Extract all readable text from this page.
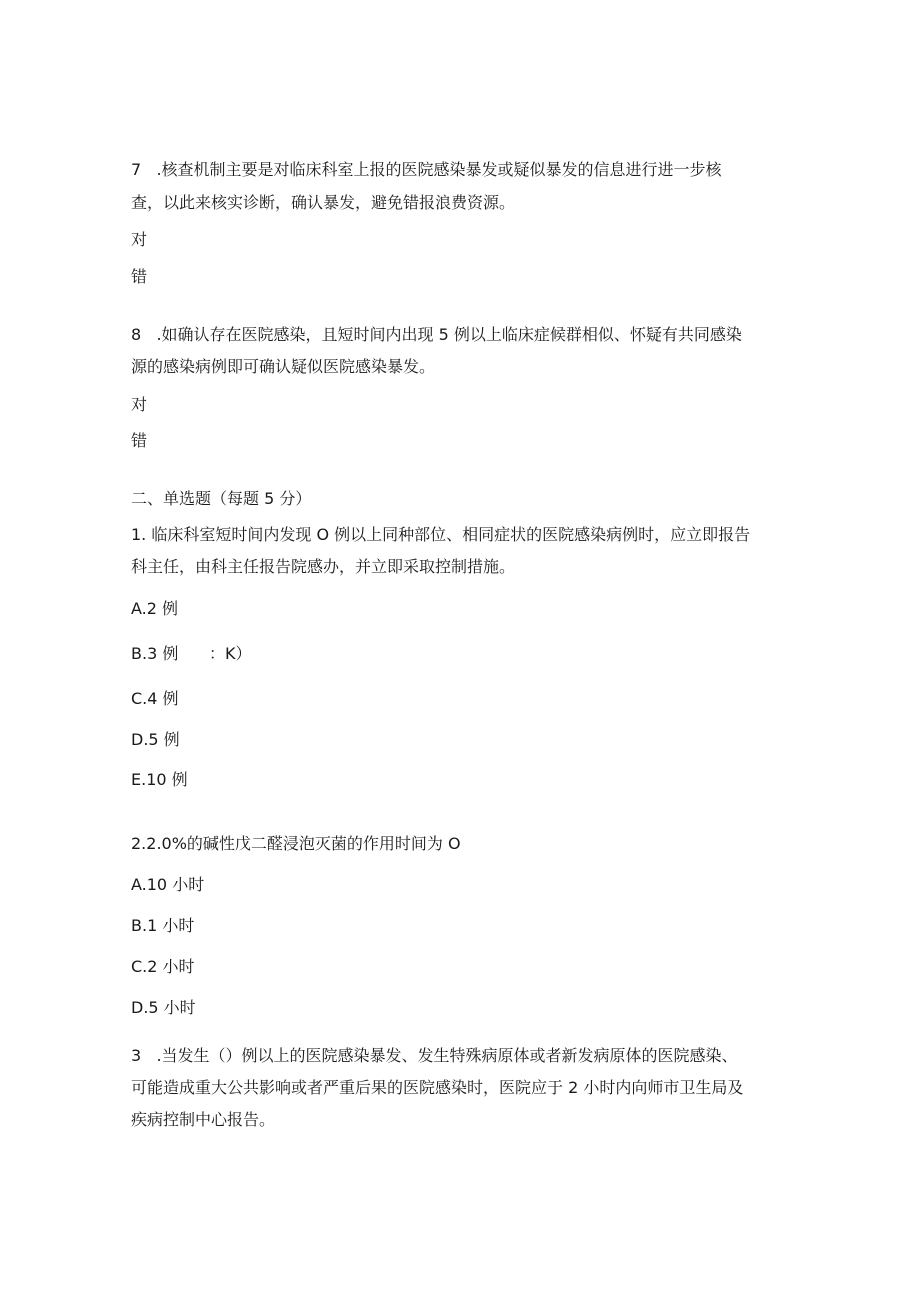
7 .核查机制主要是对临床科室上报的医院感染暴发或疑似暴发的信息进行进一步核

查，以此来核实诊断，确认暴发，避免错报浪费资源。

对

错

8 .如确认存在医院感染，且短时间内出现 5 例以上临床症候群相似、怀疑有共同感染

源的感染病例即可确认疑似医院感染暴发。

对

错

二、单选题（每题 5 分）

1. 临床科室短时间内发现 O 例以上同种部位、相同症状的医院感染病例时，应立即报告

科主任，由科主任报告院感办，并立即采取控制措施。

A.2 例

B.3 例 ：K）

C.4 例

D.5 例

E.10 例

2.2.0%的碱性戊二醛浸泡灭菌的作用时间为 O

A.10 小时

B.1 小时

C.2 小时

D.5 小时

3 .当发生（）例以上的医院感染暴发、发生特殊病原体或者新发病原体的医院感染、

可能造成重大公共影响或者严重后果的医院感染时，医院应于 2 小时内向师市卫生局及

疾病控制中心报告。
